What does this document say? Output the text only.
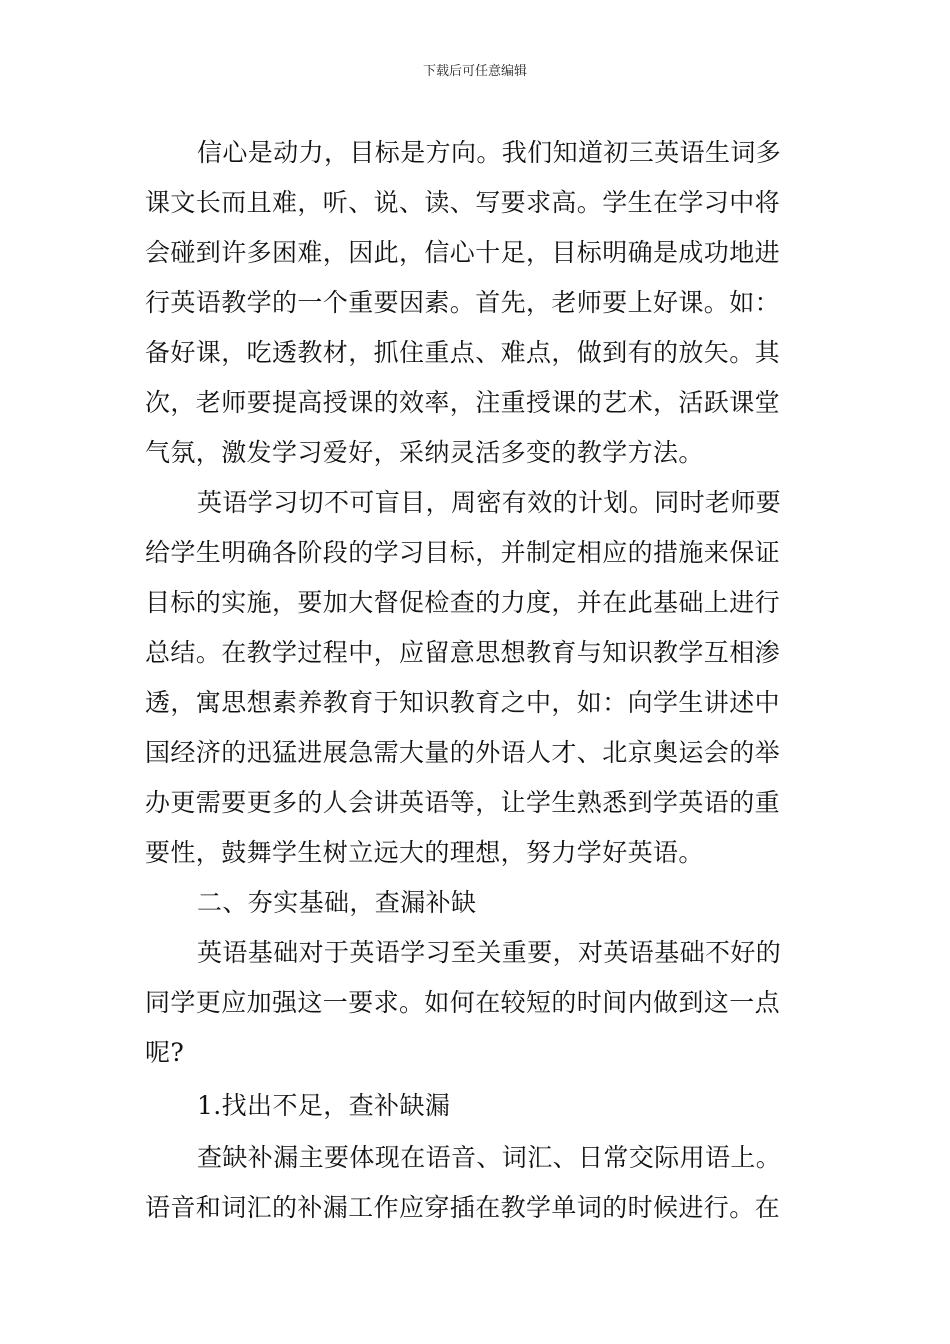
下载后可任意编辑
信心是动力，目标是方向。我们知道初三英语生词多
课文长而且难，听、说、读、写要求高。学生在学习中将
会碰到许多困难，因此，信心十足，目标明确是成功地进
行英语教学的一个重要因素。首先，老师要上好课。如：
备好课，吃透教材，抓住重点、难点，做到有的放矢。其
次，老师要提高授课的效率，注重授课的艺术，活跃课堂
气氛，激发学习爱好，采纳灵活多变的教学方法。
英语学习切不可盲目，周密有效的计划。同时老师要
给学生明确各阶段的学习目标，并制定相应的措施来保证
目标的实施，要加大督促检查的力度，并在此基础上进行
总结。在教学过程中，应留意思想教育与知识教学互相渗
透，寓思想素养教育于知识教育之中，如：向学生讲述中
国经济的迅猛进展急需大量的外语人才、北京奥运会的举
办更需要更多的人会讲英语等，让学生熟悉到学英语的重
要性，鼓舞学生树立远大的理想，努力学好英语。
二、夯实基础，查漏补缺
英语基础对于英语学习至关重要，对英语基础不好的
同学更应加强这一要求。如何在较短的时间内做到这一点
呢?
1.找出不足，查补缺漏
查缺补漏主要体现在语音、词汇、日常交际用语上。
语音和词汇的补漏工作应穿插在教学单词的时候进行。在
